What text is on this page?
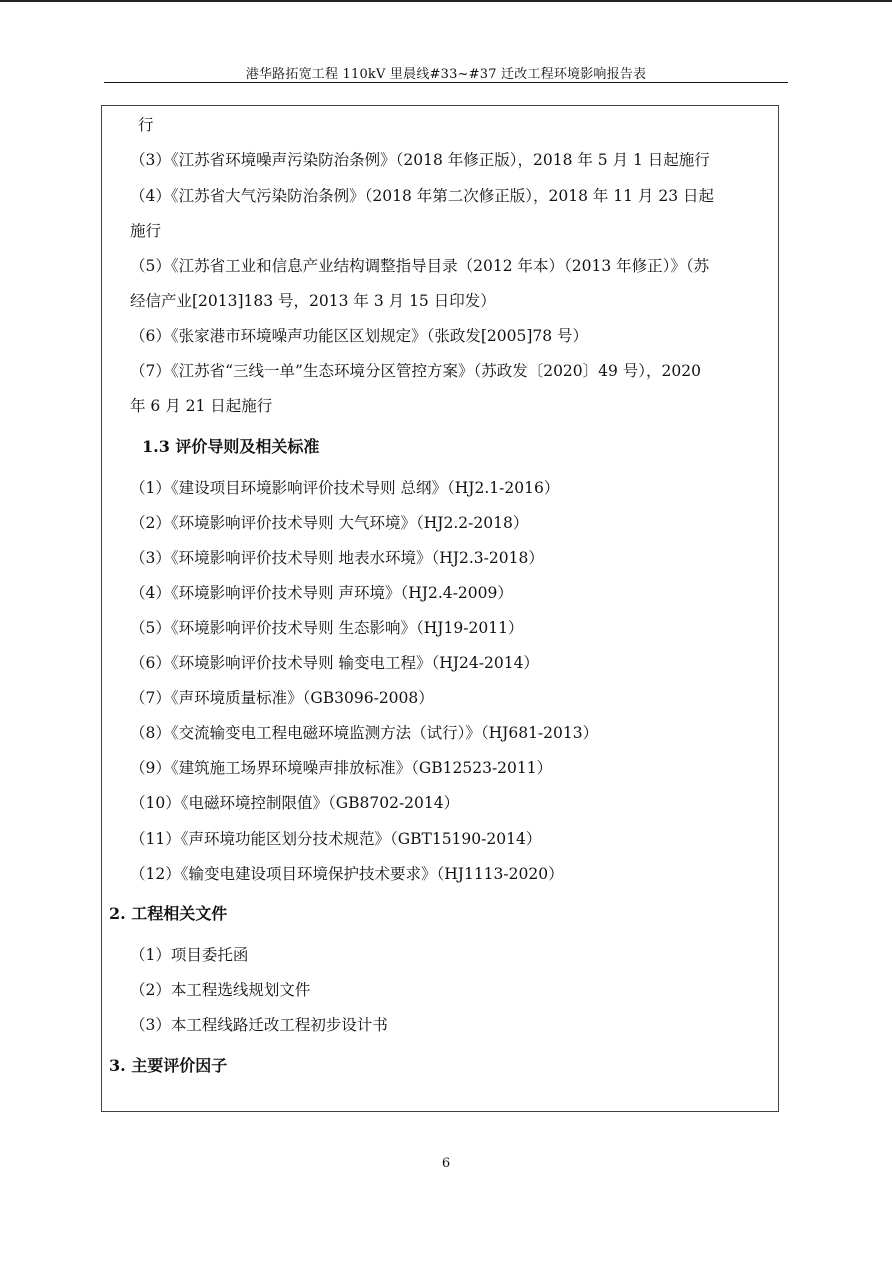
港华路拓宽工程 110kV 里晨线#33~#37 迁改工程环境影响报告表
行
（3）《江苏省环境噪声污染防治条例》（2018 年修正版），2018 年 5 月 1 日起施行
（4）《江苏省大气污染防治条例》（2018 年第二次修正版），2018 年 11 月 23 日起
施行
（5）《江苏省工业和信息产业结构调整指导目录（2012 年本）（2013 年修正）》（苏
经信产业[2013]183 号，2013 年 3 月 15 日印发）
（6）《张家港市环境噪声功能区区划规定》（张政发[2005]78 号）
（7）《江苏省“三线一单”生态环境分区管控方案》（苏政发〔2020〕49 号），2020
年 6 月 21 日起施行
1.3 评价导则及相关标准
（1）《建设项目环境影响评价技术导则 总纲》（HJ2.1-2016）
（2）《环境影响评价技术导则 大气环境》（HJ2.2-2018）
（3）《环境影响评价技术导则 地表水环境》（HJ2.3-2018）
（4）《环境影响评价技术导则 声环境》（HJ2.4-2009）
（5）《环境影响评价技术导则 生态影响》（HJ19-2011）
（6）《环境影响评价技术导则 输变电工程》（HJ24-2014）
（7）《声环境质量标准》（GB3096-2008）
（8）《交流输变电工程电磁环境监测方法（试行）》（HJ681-2013）
（9）《建筑施工场界环境噪声排放标准》（GB12523-2011）
（10）《电磁环境控制限值》（GB8702-2014）
（11）《声环境功能区划分技术规范》（GBT15190-2014）
（12）《输变电建设项目环境保护技术要求》（HJ1113-2020）
2. 工程相关文件
（1）项目委托函
（2）本工程选线规划文件
（3）本工程线路迁改工程初步设计书
3. 主要评价因子
6
